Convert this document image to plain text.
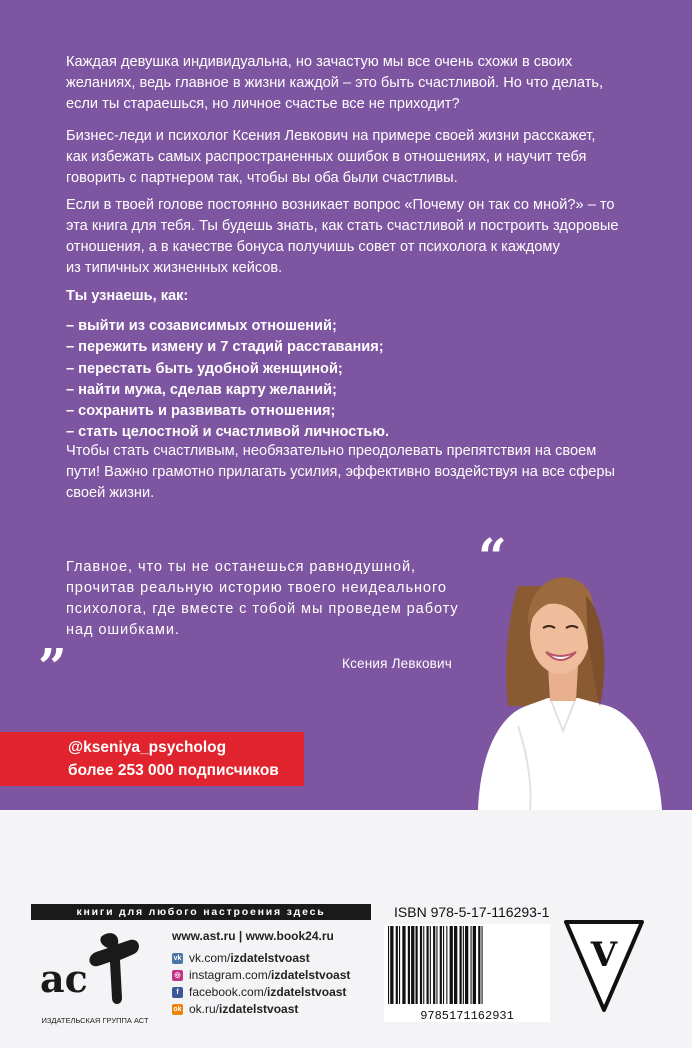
Каждая девушка индивидуальна, но зачастую мы все очень схожи в своих
желаниях, ведь главное в жизни каждой – это быть счастливой. Но что делать,
если ты стараешься, но личное счастье все не приходит?
Бизнес-леди и психолог Ксения Левкович на примере своей жизни расскажет,
как избежать самых распространенных ошибок в отношениях, и научит тебя
говорить с партнером так, чтобы вы оба были счастливы.
Если в твоей голове постоянно возникает вопрос «Почему он так со мной?» – то
эта книга для тебя. Ты будешь знать, как стать счастливой и построить здоровые
отношения, а в качестве бонуса получишь совет от психолога к каждому
из типичных жизненных кейсов.
Ты узнаешь, как:
– выйти из созависимых отношений;
– пережить измену и 7 стадий расставания;
– перестать быть удобной женщиной;
– найти мужа, сделав карту желаний;
– сохранить и развивать отношения;
– стать целостной и счастливой личностью.
Чтобы стать счастливым, необязательно преодолевать препятствия на своем
пути! Важно грамотно прилагать усилия, эффективно воздействуя на все сферы
своей жизни.
“
Главное, что ты не останешься равнодушной,
прочитав реальную историю твоего неидеального
психолога, где вместе с тобой мы проведем работу
над ошибками.
”	Ксения Левкович
@kseniya_psycholog
более 253 000 подписчиков
книги для любого настроения здесь
ac
ИЗДАТЕЛЬСКАЯ ГРУППА АСТ
www.ast.ru | www.book24.ru
vk vk.com/ izdatelstvoast
◎ instagram.com/ izdatelstvoast
f facebook.com/ izdatelstvoast
ok ok.ru/ izdatelstvoast
ISBN 978-5-17-116293-1
9785171162931
V
